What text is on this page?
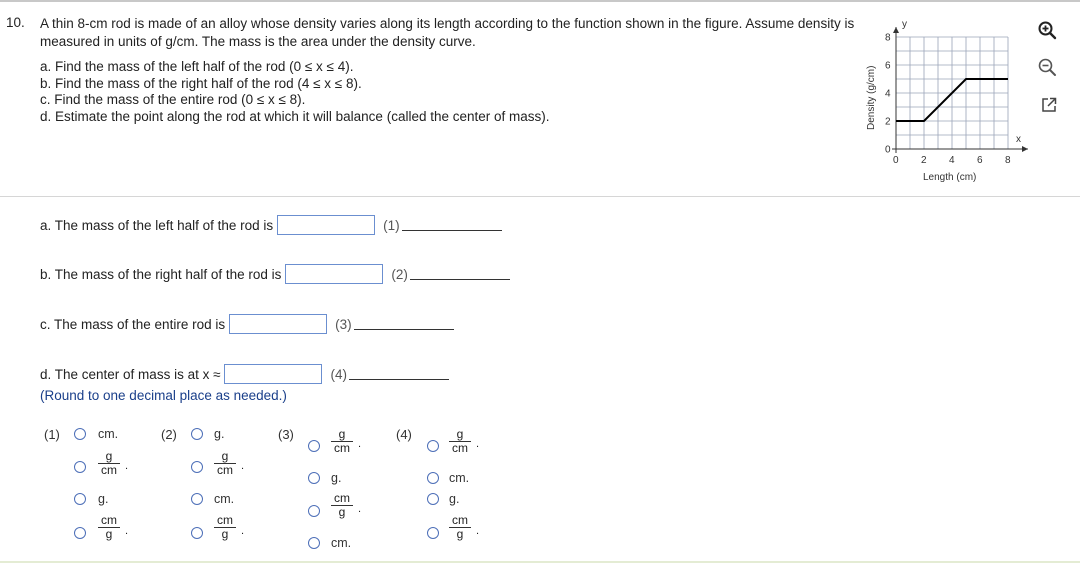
10. A thin 8-cm rod is made of an alloy whose density varies along its length according to the function shown in the figure. Assume density is measured in units of g/cm. The mass is the area under the density curve.
a. Find the mass of the left half of the rod (0 ≤ x ≤ 4).
b. Find the mass of the right half of the rod (4 ≤ x ≤ 8).
c. Find the mass of the entire rod (0 ≤ x ≤ 8).
d. Estimate the point along the rod at which it will balance (called the center of mass).	Density (g/cm)
Length (cm)
y
x
0
2
4
6
8
0 2 4 6 8
a. The mass of the left half of the rod is	(1)
b. The mass of the right half of the rod is	(2)
c. The mass of the entire rod is	(3)
d. The center of mass is at x ≈	(4)
(Round to one decimal place as needed.)
(1)	cm.
$\frac{g}{cm}$ .
g.
$\frac{cm}{g}$ .
(2)	g.
$\frac{g}{cm}$ .
cm.
$\frac{cm}{g}$ .
(3)	$\frac{g}{cm}$ .
g.
$\frac{cm}{g}$ .
cm.
(4)	$\frac{g}{cm}$ .
cm.
g.
$\frac{cm}{g}$ .
